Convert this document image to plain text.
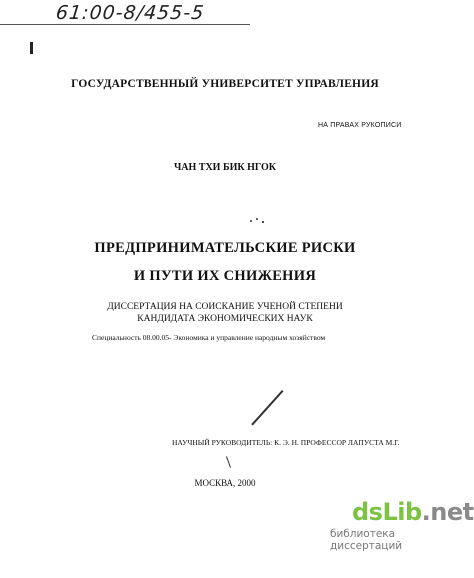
61:00-8/455-5
ГОСУДАРСТВЕННЫЙ УНИВЕРСИТЕТ УПРАВЛЕНИЯ
НА ПРАВАХ РУКОПИСИ
ЧАН ТХИ БИК НГОК
ПРЕДПРИНИМАТЕЛЬСКИЕ РИСКИ
И ПУТИ ИХ СНИЖЕНИЯ
ДИССЕРТАЦИЯ НА СОИСКАНИЕ УЧЕНОЙ СТЕПЕНИ
КАНДИДАТА ЭКОНОМИЧЕСКИХ НАУК
Специальность 08.00.05- Экономика и управление народным хозяйством
НАУЧНЫЙ РУКОВОДИТЕЛЬ: К. Э. Н. ПРОФЕССОР ЛАПУСТА М.Г.
МОСКВА, 2000
dsLib.net
библиотека диссертаций
